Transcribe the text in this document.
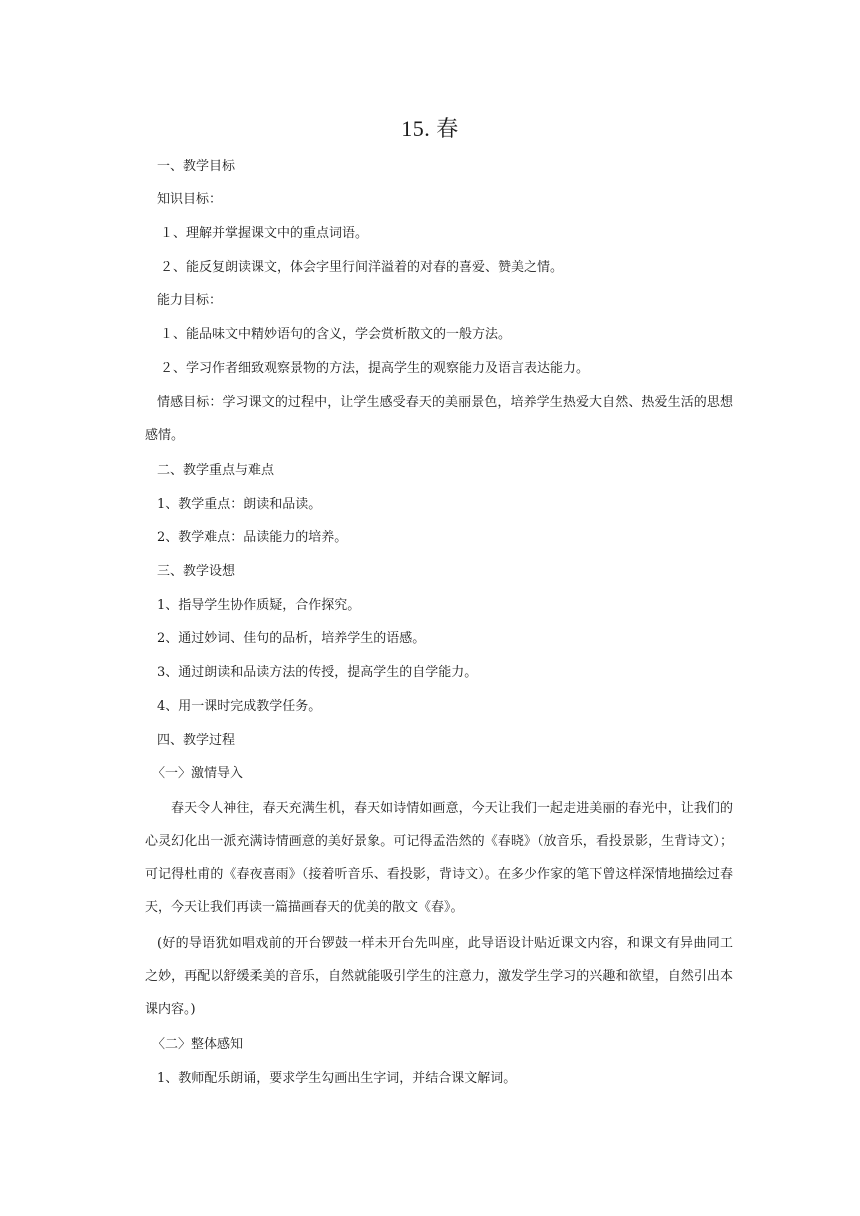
15. 春
一、教学目标
知识目标：
１、理解并掌握课文中的重点词语。
２、能反复朗读课文，体会字里行间洋溢着的对春的喜爱、赞美之情。
能力目标：
１、能品味文中精妙语句的含义，学会赏析散文的一般方法。
２、学习作者细致观察景物的方法，提高学生的观察能力及语言表达能力。
情感目标：学习课文的过程中，让学生感受春天的美丽景色，培养学生热爱大自然、热爱生活的思想感情。
二、教学重点与难点
1、教学重点：朗读和品读。
2、教学难点：品读能力的培养。
三、教学设想
1、指导学生协作质疑，合作探究。
2、通过妙词、佳句的品析，培养学生的语感。
3、通过朗读和品读方法的传授，提高学生的自学能力。
4、用一课时完成教学任务。
四、教学过程
〈一〉激情导入
春天令人神往，春天充满生机，春天如诗情如画意，今天让我们一起走进美丽的春光中，让我们的心灵幻化出一派充满诗情画意的美好景象。可记得孟浩然的《春晓》（放音乐，看投景影，生背诗文）；可记得杜甫的《春夜喜雨》（接着听音乐、看投影，背诗文）。在多少作家的笔下曾这样深情地描绘过春天，今天让我们再读一篇描画春天的优美的散文《春》。
(好的导语犹如唱戏前的开台锣鼓一样未开台先叫座，此导语设计贴近课文内容，和课文有异曲同工之妙，再配以舒缓柔美的音乐，自然就能吸引学生的注意力，激发学生学习的兴趣和欲望，自然引出本课内容。)
〈二〉整体感知
1、教师配乐朗诵，要求学生勾画出生字词，并结合课文解词。
